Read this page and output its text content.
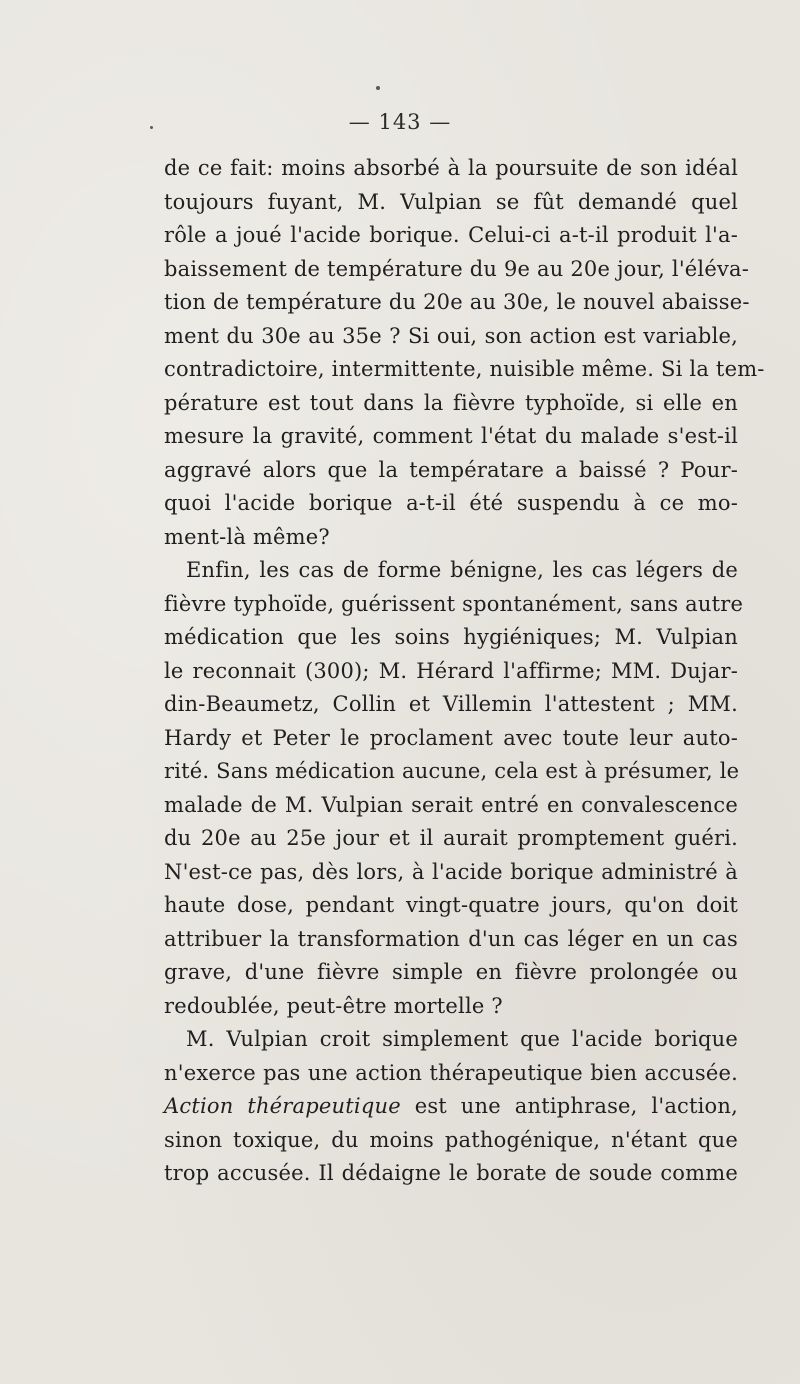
— 143 —
de ce fait: moins absorbé à la poursuite de son idéal
toujours fuyant, M. Vulpian se fût demandé quel
rôle a joué l'acide borique. Celui-ci a-t-il produit l'a-
baissement de température du 9e au 20e jour, l'éléva-
tion de température du 20e au 30e, le nouvel abaisse-
ment du 30e au 35e ? Si oui, son action est variable,
contradictoire, intermittente, nuisible même. Si la tem-
pérature est tout dans la fièvre typhoïde, si elle en
mesure la gravité, comment l'état du malade s'est-il
aggravé alors que la températare a baissé ? Pour-
quoi l'acide borique a-t-il été suspendu à ce mo-
ment-là même?
Enfin, les cas de forme bénigne, les cas légers de
fièvre typhoïde, guérissent spontanément, sans autre
médication que les soins hygiéniques; M. Vulpian
le reconnait (300); M. Hérard l'affirme; MM. Dujar-
din-Beaumetz, Collin et Villemin l'attestent ; MM.
Hardy et Peter le proclament avec toute leur auto-
rité. Sans médication aucune, cela est à présumer, le
malade de M. Vulpian serait entré en convalescence
du 20e au 25e jour et il aurait promptement guéri.
N'est-ce pas, dès lors, à l'acide borique administré à
haute dose, pendant vingt-quatre jours, qu'on doit
attribuer la transformation d'un cas léger en un cas
grave, d'une fièvre simple en fièvre prolongée ou
redoublée, peut-être mortelle ?
M. Vulpian croit simplement que l'acide borique
n'exerce pas une action thérapeutique bien accusée.
Action thérapeutique est une antiphrase, l'action,
sinon toxique, du moins pathogénique, n'étant que
trop accusée. Il dédaigne le borate de soude comme
